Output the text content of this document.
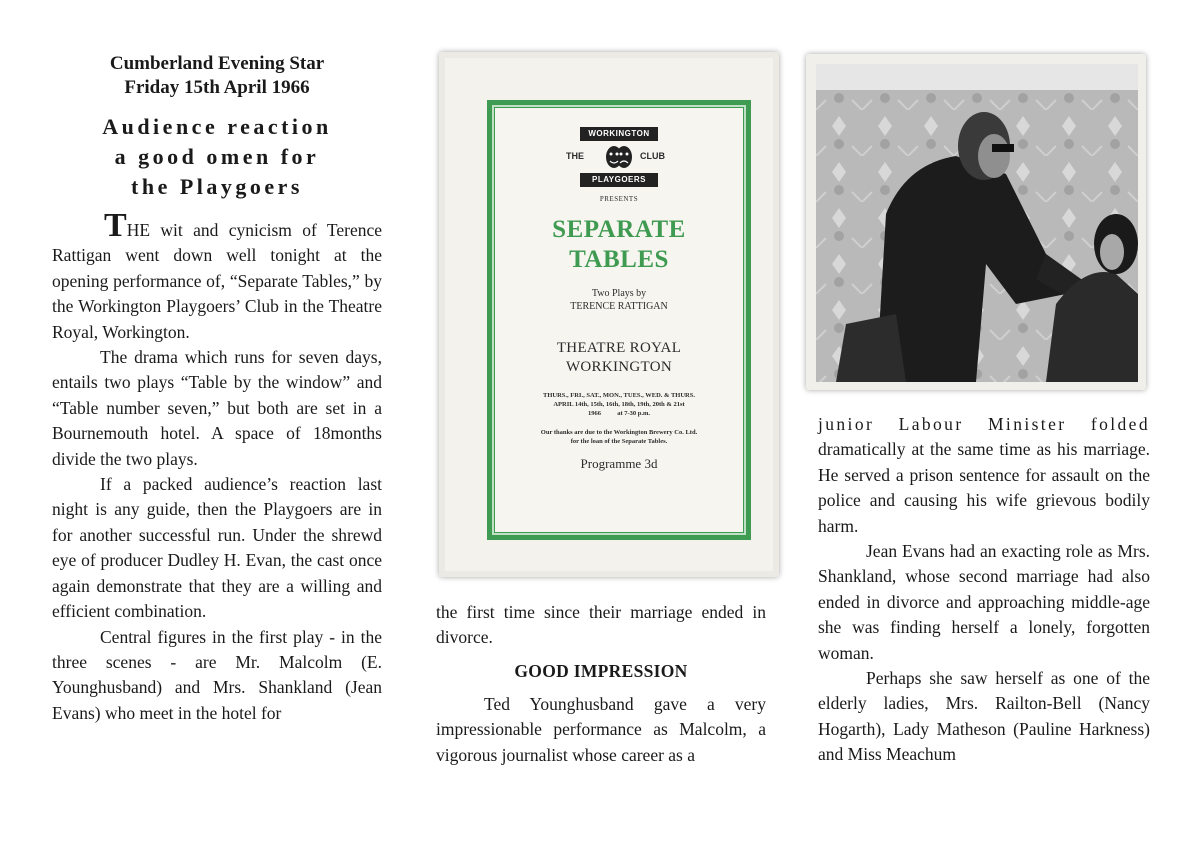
Cumberland Evening Star
Friday 15th April 1966
Audience reaction
a good omen for
the Playgoers

THE wit and cynicism of Terence Rattigan went down well tonight at the opening performance of, “Separate Tables,” by the Workington Playgoers’ Club in the Theatre Royal, Workington.

The drama which runs for seven days, entails two plays “Table by the window” and “Table number seven,” but both are set in a Bournemouth hotel. A space of 18months divide the two plays.

If a packed audience’s reaction last night is any guide, then the Playgoers are in for another successful run. Under the shrewd eye of producer Dudley H. Evan, the cast once again demonstrate that they are a willing and efficient combination.

Central figures in the first play - in the three scenes - are Mr. Malcolm (E. Younghusband) and Mrs. Shankland (Jean Evans) who meet in the hotel for

WORKINGTON
THE	CLUB
PLAYGOERS
PRESENTS
SEPARATE
TABLES
Two Plays by
TERENCE RATTIGAN
THEATRE ROYAL
WORKINGTON
THURS., FRI., SAT., MON., TUES., WED. & THURS.
APRIL 14th, 15th, 16th, 18th, 19th, 20th & 21st
1966          at 7-30 p.m.
Our thanks are due to the Workington Brewery Co. Ltd.
for the loan of the Separate Tables.
Programme 3d

the first time since their marriage ended in divorce.

GOOD IMPRESSION

Ted Younghusband gave a very impressionable performance as Malcolm, a vigorous journalist whose career as a

junior Labour Minister folded dramatically at the same time as his marriage. He served a prison sentence for assault on the police and causing his wife grievous bodily harm.

Jean Evans had an exacting role as Mrs. Shankland, whose second marriage had also ended in divorce and approaching middle-age she was finding herself a lonely, forgotten woman.

Perhaps she saw herself as one of the elderly ladies, Mrs. Railton-Bell (Nancy Hogarth), Lady Matheson (Pauline Harkness) and Miss Meachum
